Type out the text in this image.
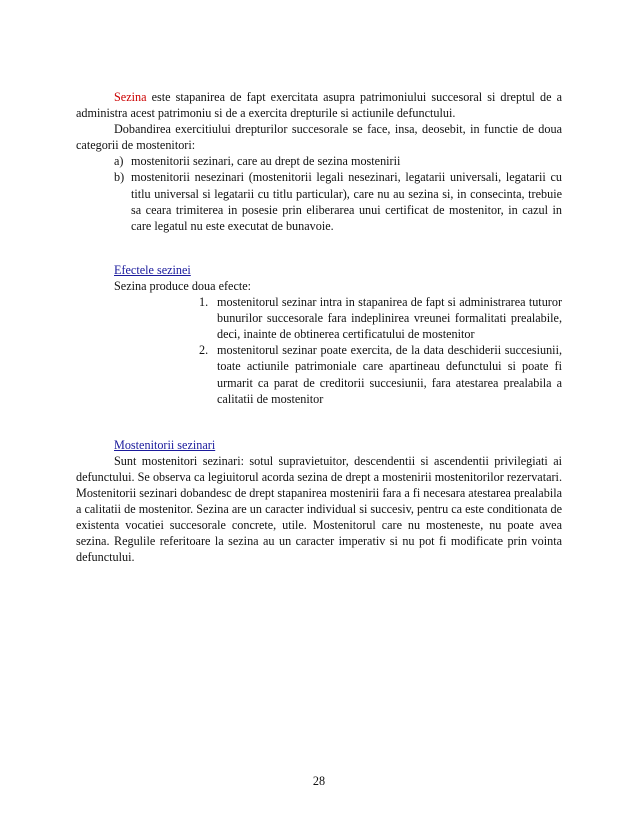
Sezina este stapanirea de fapt exercitata asupra patrimoniului succesoral si dreptul de a administra acest patrimoniu si de a exercita drepturile si actiunile defunctului.

Dobandirea exercitiului drepturilor succesorale se face, insa, deosebit, in functie de doua categorii de mostenitori:

a) mostenitorii sezinari, care au drept de sezina mostenirii
b) mostenitorii nesezinari (mostenitorii legali nesezinari, legatarii universali, legatarii cu titlu universal si legatarii cu titlu particular), care nu au sezina si, in consecinta, trebuie sa ceara trimiterea in posesie prin eliberarea unui certificat de mostenitor, in cazul in care legatul nu este executat de bunavoie.
Efectele sezinei
Sezina produce doua efecte:
1. mostenitorul sezinar intra in stapanirea de fapt si administrarea tuturor bunurilor succesorale fara indeplinirea vreunei formalitati prealabile, deci, inainte de obtinerea certificatului de mostenitor
2. mostenitorul sezinar poate exercita, de la data deschiderii succesiunii, toate actiunile patrimoniale care apartineau defunctului si poate fi urmarit ca parat de creditorii succesiunii, fara atestarea prealabila a calitatii de mostenitor
Mostenitorii sezinari

Sunt mostenitori sezinari: sotul supravietuitor, descendentii si ascendentii privilegiati ai defunctului. Se observa ca legiuitorul acorda sezina de drept a mostenirii mostenitorilor rezervatari. Mostenitorii sezinari dobandesc de drept stapanirea mostenirii fara a fi necesara atestarea prealabila a calitatii de mostenitor. Sezina are un caracter individual si succesiv, pentru ca este conditionata de existenta vocatiei succesorale concrete, utile. Mostenitorul care nu mosteneste, nu poate avea sezina. Regulile referitoare la sezina au un caracter imperativ si nu pot fi modificate prin vointa defunctului.

28
